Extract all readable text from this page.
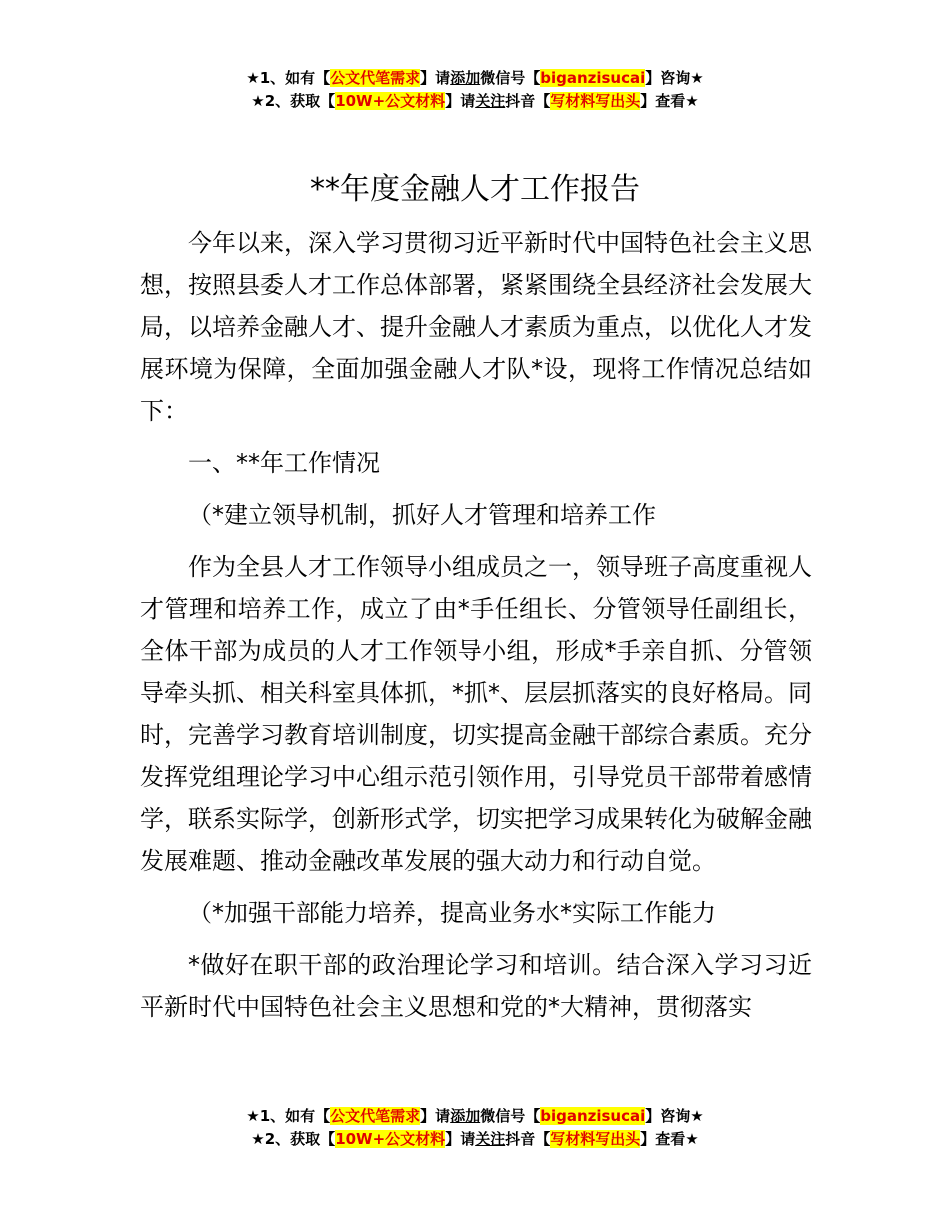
★1、如有【公文代笔需求】请添加微信号【biganzisucai】咨询★
★2、获取【10W+公文材料】请关注抖音【写材料写出头】查看★
**年度金融人才工作报告

今年以来，深入学习贯彻习近平新时代中国特色社会主义思想，按照县委人才工作总体部署，紧紧围绕全县经济社会发展大局，以培养金融人才、提升金融人才素质为重点，以优化人才发展环境为保障，全面加强金融人才队*设，现将工作情况总结如下：

一、**年工作情况

（*建立领导机制，抓好人才管理和培养工作

作为全县人才工作领导小组成员之一，领导班子高度重视人才管理和培养工作，成立了由*手任组长、分管领导任副组长，全体干部为成员的人才工作领导小组，形成*手亲自抓、分管领导牵头抓、相关科室具体抓，*抓*、层层抓落实的良好格局。同时，完善学习教育培训制度，切实提高金融干部综合素质。充分发挥党组理论学习中心组示范引领作用，引导党员干部带着感情学，联系实际学，创新形式学，切实把学习成果转化为破解金融发展难题、推动金融改革发展的强大动力和行动自觉。

（*加强干部能力培养，提高业务水*实际工作能力

*做好在职干部的政治理论学习和培训。结合深入学习习近平新时代中国特色社会主义思想和党的*大精神，贯彻落实

★1、如有【公文代笔需求】请添加微信号【biganzisucai】咨询★
★2、获取【10W+公文材料】请关注抖音【写材料写出头】查看★
